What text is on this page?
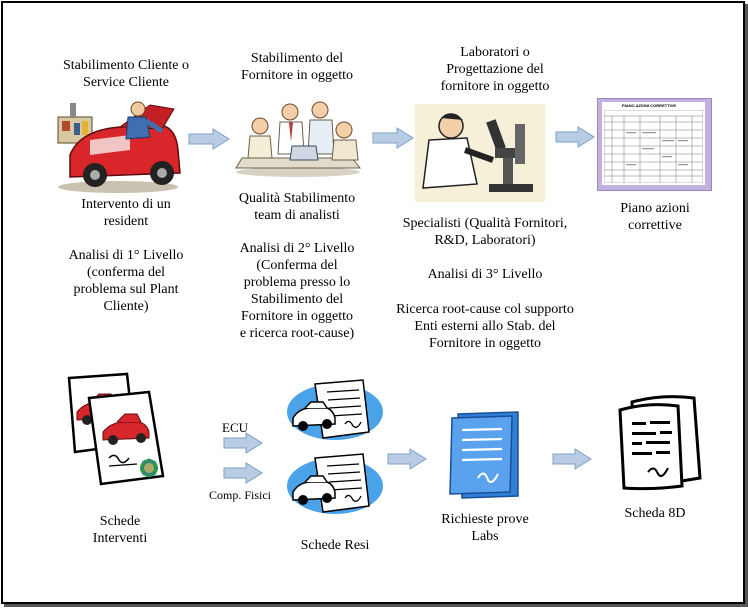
Stabilimento Cliente o
Service Cliente
Intervento di un
resident
Analisi di 1° Livello
(conferma del
problema sul Plant
Cliente)
Stabilimento del
Fornitore in oggetto
Qualità Stabilimento
team di analisti
Analisi di 2° Livello
(Conferma del
problema presso lo
Stabilimento del
Fornitore in oggetto
e ricerca root-cause)
Laboratori o
Progettazione del
fornitore in oggetto
Specialisti (Qualità Fornitori,
R&D, Laboratori)
Analisi di 3° Livello
Ricerca root-cause col supporto
Enti esterni allo Stab. del
Fornitore in oggetto
PIANO AZIONI CORRETTIVE
Piano azioni
correttive
Schede
Interventi
ECU
Comp. Fisici
Schede Resi
Richieste prove
Labs
Scheda 8D
